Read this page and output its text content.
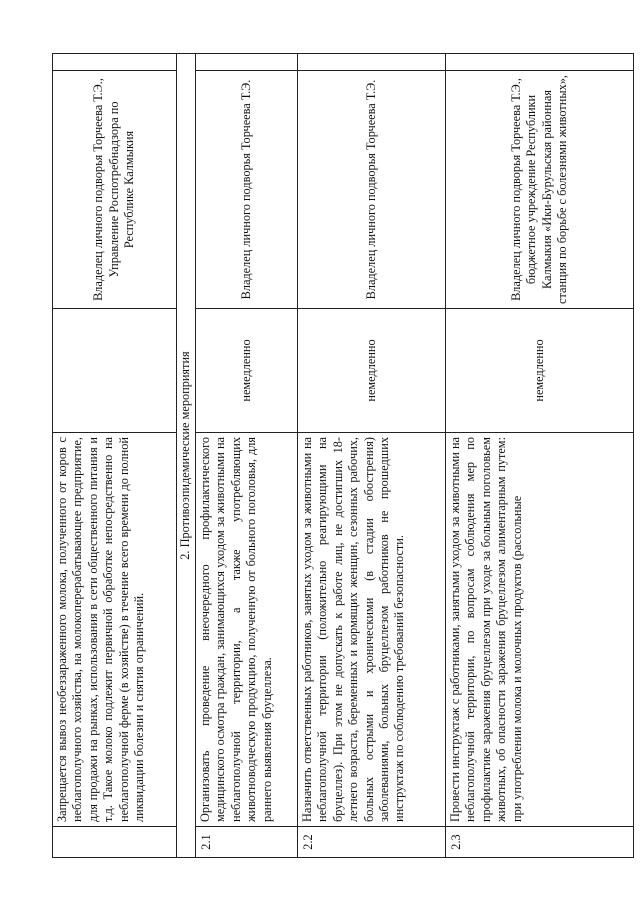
	Запрещается вывоз необеззараженного молока, полученного от коров с неблагополучного хозяйства, на молокоперерабатывающее предприятие, для продажи на рынках, использования в сети общественного питания и т.д. Такое молоко подлежит первичной обработке непосредственно на неблагополучной ферме (в хозяйстве) в течение всего времени до полной ликвидации болезни и снятия ограничений.		Владелец личного подворья Торчеева Т.Э., Управление Роспотребнадзора по Республике Калмыкия	
2. Противоэпидемические мероприятия				
2.1	Организовать проведение внеочередного профилактического медицинского осмотра граждан, занимающихся уходом за животными на неблагополучной территории, а также употребляющих животноводческую продукцию, полученную от больного поголовья, для раннего выявления бруцеллеза.	немедленно	Владелец личного подворья Торчеева Т.Э.	
2.2	Назначить ответственных работников, занятых уходом за животными на неблагополучной территории (положительно реагирующими на бруцеллез). При этом не допускать к работе лиц, не достигших 18-летнего возраста, беременных и кормящих женщин, сезонных рабочих, больных острыми и хроническими (в стадии обострения) заболеваниями, больных бруцеллезом работников не прошедших инструктаж по соблюдению требований безопасности.	немедленно	Владелец личного подворья Торчеева Т.Э.	
2.3	Провести инструктаж с работниками, занятыми уходом за животными на неблагополучной территории, по вопросам соблюдения мер по профилактике заражения бруцеллезом при уходе за больным поголовьем животных, об опасности заражения бруцеллезом алиментарным путем: при употреблении молока и молочных продуктов (рассольные	немедленно	Владелец личного подворья Торчеева Т.Э., бюджетное учреждение Республики Калмыкия «Ики-Бурульская районная станция по борьбе с болезнями животных»,	
